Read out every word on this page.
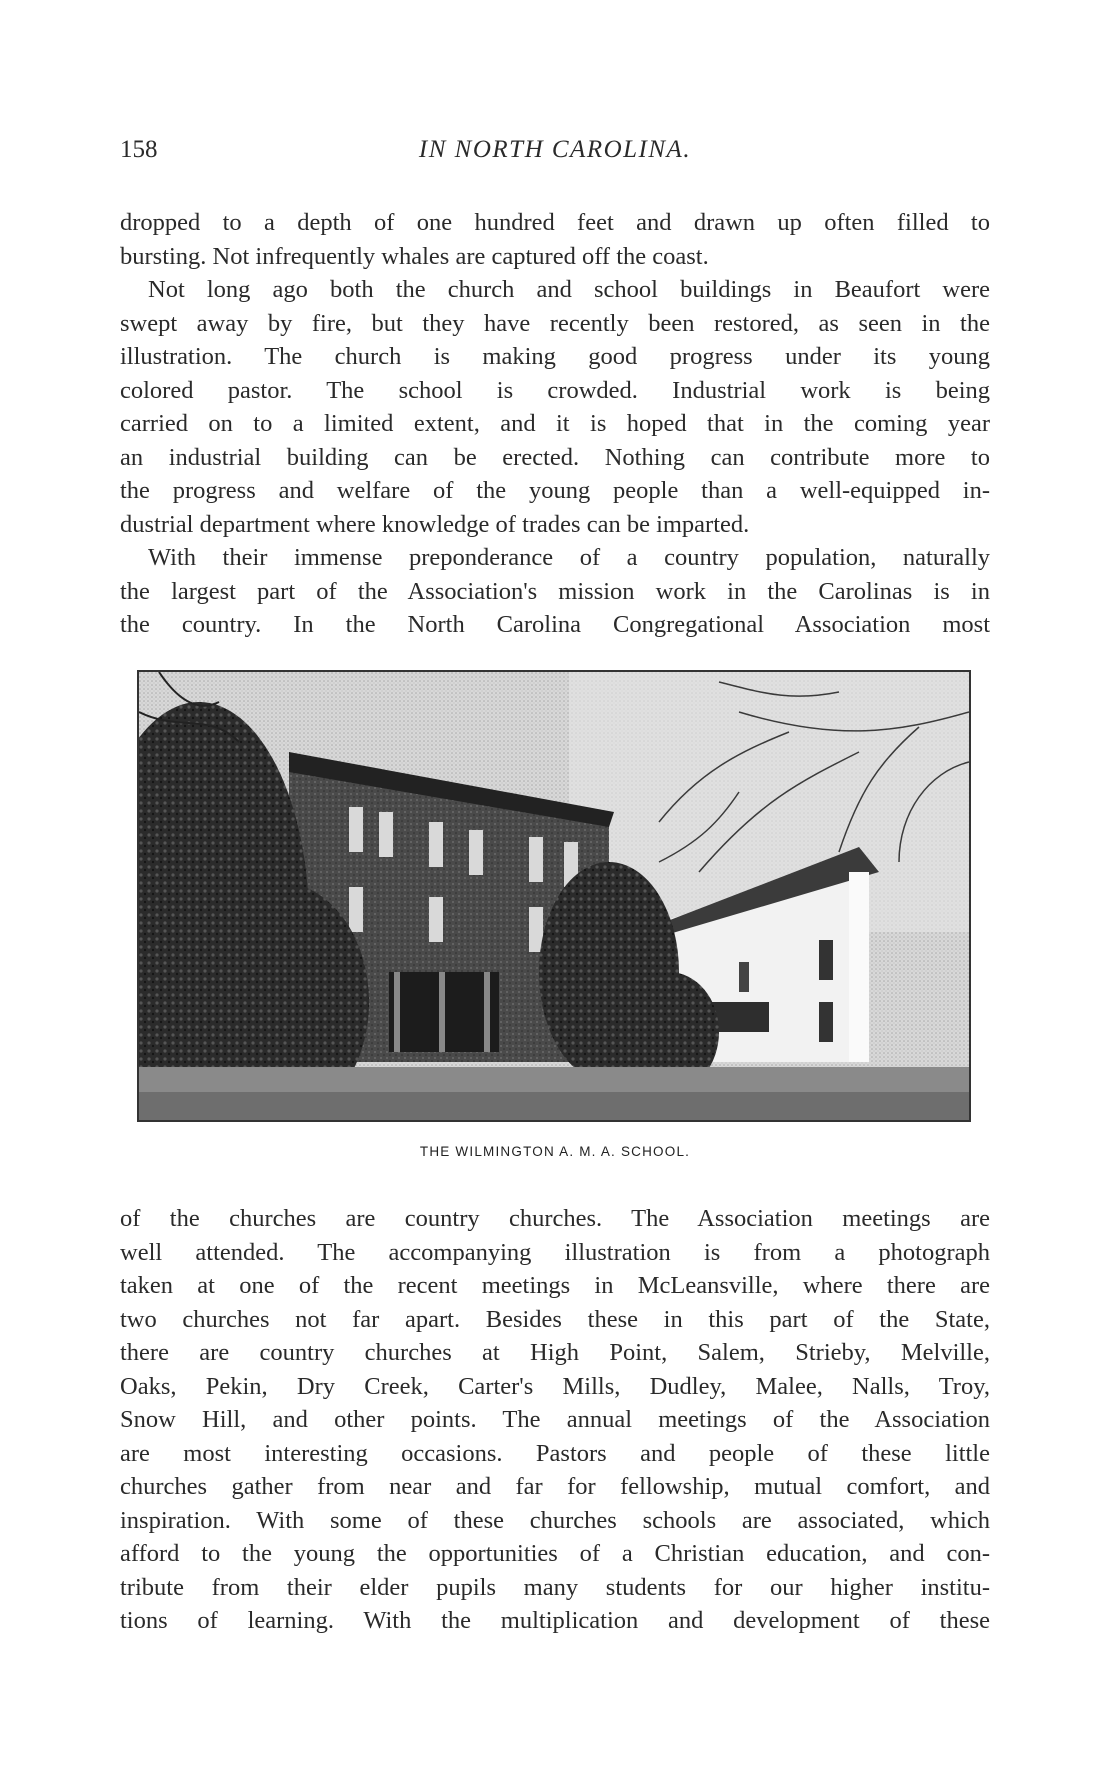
158	IN NORTH CAROLINA.
dropped to a depth of one hundred feet and drawn up often filled to
bursting. Not infrequently whales are captured off the coast.
Not long ago both the church and school buildings in Beaufort were
swept away by fire, but they have recently been restored, as seen in the
illustration. The church is making good progress under its young
colored pastor. The school is crowded. Industrial work is being
carried on to a limited extent, and it is hoped that in the coming year
an industrial building can be erected. Nothing can contribute more to
the progress and welfare of the young people than a well-equipped in-
dustrial department where knowledge of trades can be imparted.
With their immense preponderance of a country population, naturally
the largest part of the Association's mission work in the Carolinas is in
the country. In the North Carolina Congregational Association most
THE WILMINGTON A. M. A. SCHOOL.
of the churches are country churches. The Association meetings are
well attended. The accompanying illustration is from a photograph
taken at one of the recent meetings in McLeansville, where there are
two churches not far apart. Besides these in this part of the State,
there are country churches at High Point, Salem, Strieby, Melville,
Oaks, Pekin, Dry Creek, Carter's Mills, Dudley, Malee, Nalls, Troy,
Snow Hill, and other points. The annual meetings of the Association
are most interesting occasions. Pastors and people of these little
churches gather from near and far for fellowship, mutual comfort, and
inspiration. With some of these churches schools are associated, which
afford to the young the opportunities of a Christian education, and con-
tribute from their elder pupils many students for our higher institu-
tions of learning. With the multiplication and development of these
